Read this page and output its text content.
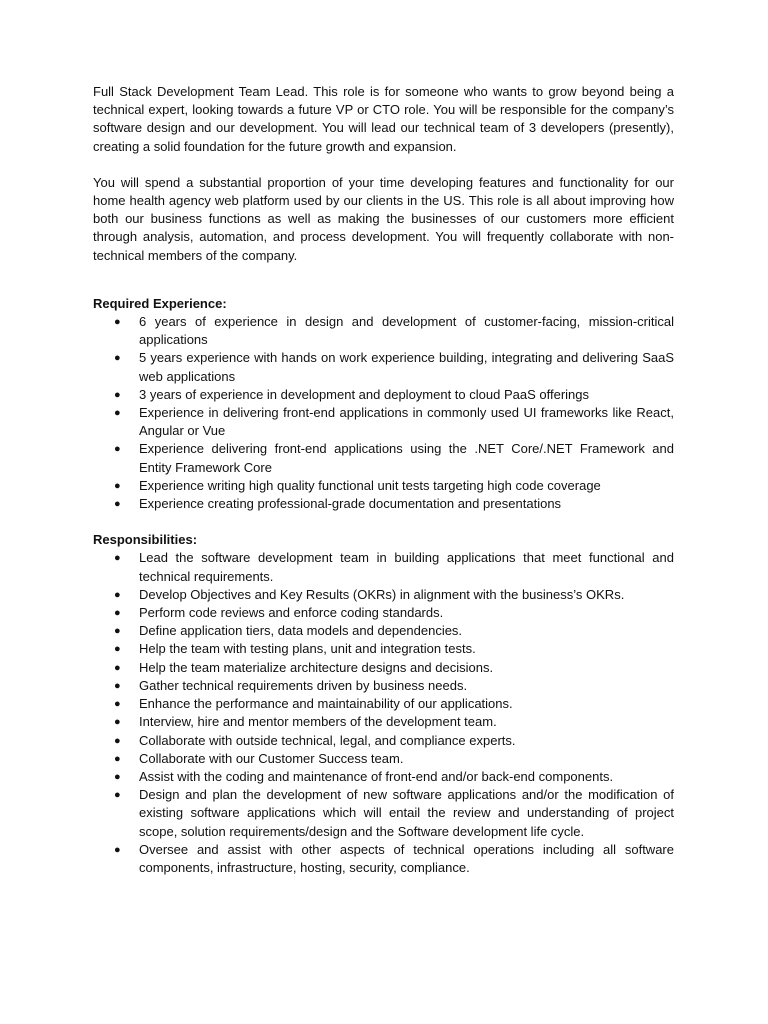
Full Stack Development Team Lead. This role is for someone who wants to grow beyond being a technical expert, looking towards a future VP or CTO role. You will be responsible for the company’s software design and our development. You will lead our technical team of 3 developers (presently), creating a solid foundation for the future growth and expansion.

You will spend a substantial proportion of your time developing features and functionality for our home health agency web platform used by our clients in the US. This role is all about improving how both our business functions as well as making the businesses of our customers more efficient through analysis, automation, and process development. You will frequently collaborate with non-technical members of the company.

Required Experience:
● 6 years of experience in design and development of customer-facing, mission-critical applications
● 5 years experience with hands on work experience building, integrating and delivering SaaS web applications
● 3 years of experience in development and deployment to cloud PaaS offerings
● Experience in delivering front-end applications in commonly used UI frameworks like React, Angular or Vue
● Experience delivering front-end applications using the .NET Core/.NET Framework and Entity Framework Core
● Experience writing high quality functional unit tests targeting high code coverage
● Experience creating professional-grade documentation and presentations
Responsibilities:
● Lead the software development team in building applications that meet functional and technical requirements.
● Develop Objectives and Key Results (OKRs) in alignment with the business’s OKRs.
● Perform code reviews and enforce coding standards.
● Define application tiers, data models and dependencies.
● Help the team with testing plans, unit and integration tests.
● Help the team materialize architecture designs and decisions.
● Gather technical requirements driven by business needs.
● Enhance the performance and maintainability of our applications.
● Interview, hire and mentor members of the development team.
● Collaborate with outside technical, legal, and compliance experts.
● Collaborate with our Customer Success team.
● Assist with the coding and maintenance of front-end and/or back-end components.
● Design and plan the development of new software applications and/or the modification of existing software applications which will entail the review and understanding of project scope, solution requirements/design and the Software development life cycle.
● Oversee and assist with other aspects of technical operations including all software components, infrastructure, hosting, security, compliance.
